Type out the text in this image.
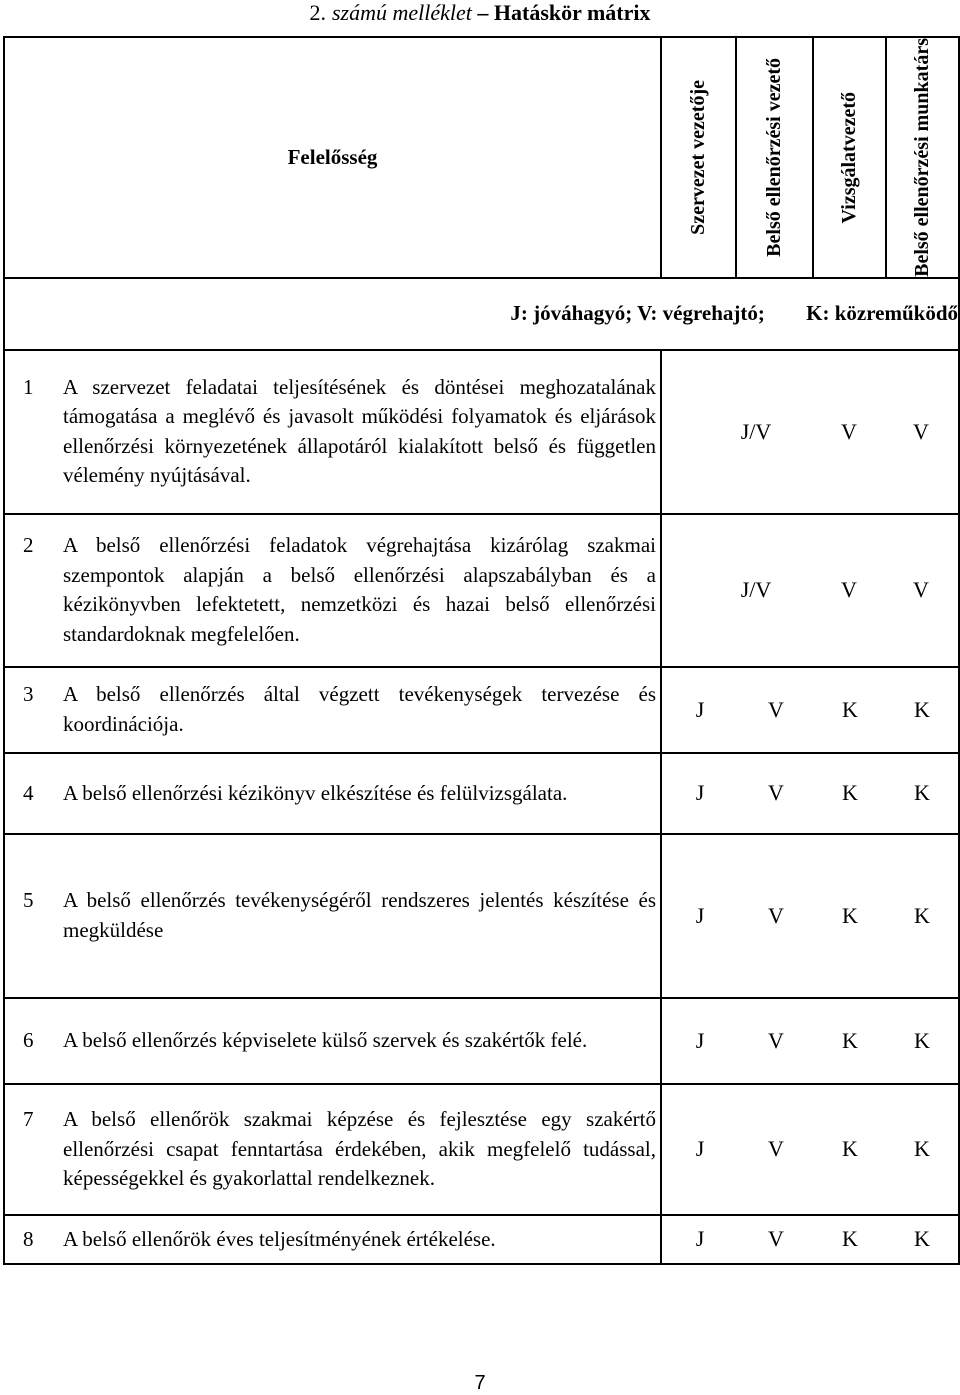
2. számú melléklet – Hatáskör mátrix
Felelősség	Szervezet vezetője	Belső ellenőrzési vezető	Vizsgálatvezető	Belső ellenőrzési munkatárs

J: jóváhagyó; V: végrehajtó; K: közreműködő				

1 A szervezet feladatai teljesítésének és döntései meghozatalának támogatása a meglévő és javasolt működési folyamatok és eljárások ellenőrzési környezetének állapotáról kialakított belső és független vélemény nyújtásával.	J/V V V			

2 A belső ellenőrzési feladatok végrehajtása kizárólag szakmai szempontok alapján a belső ellenőrzési alapszabályban és a kézikönyvben lefektetett, nemzetközi és hazai belső ellenőrzési standardoknak megfelelően.	J/V V V			

3 A belső ellenőrzés által végzett tevékenységek tervezése és koordinációja.	J V K K			

4 A belső ellenőrzési kézikönyv elkészítése és felülvizsgálata.	J V K K			

5 A belső ellenőrzés tevékenységéről rendszeres jelentés készítése és megküldése	J V K K			

6 A belső ellenőrzés képviselete külső szervek és szakértők felé.	J V K K			

7 A belső ellenőrök szakmai képzése és fejlesztése egy szakértő ellenőrzési csapat fenntartása érdekében, akik megfelelő tudással, képességekkel és gyakorlattal rendelkeznek.	J V K K			

8 A belső ellenőrök éves teljesítményének értékelése.	J V K K			
7
